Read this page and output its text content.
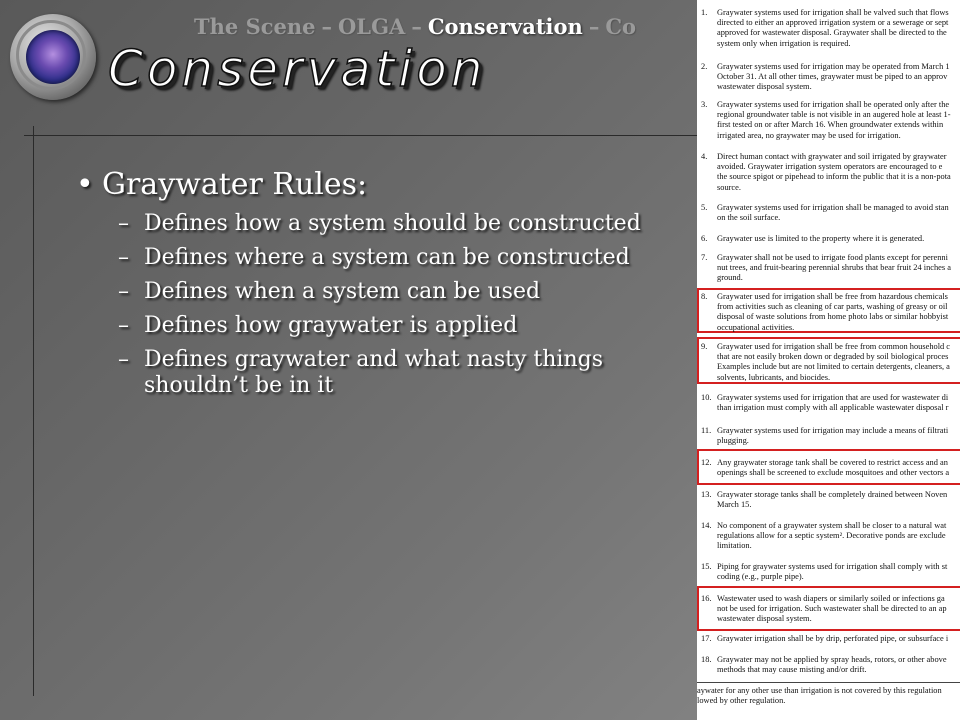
The Scene – OLGA – Conservation – Co
Conservation
• Graywater Rules:
– Defines how a system should be constructed
– Defines where a system can be constructed
– Defines when a system can be used
– Defines how graywater is applied
– Defines graywater and what nasty things shouldn’t be in it
1.	Graywater systems used for irrigation shall be valved such that flows
directed to either an approved irrigation system or a sewerage or sept
approved for wastewater disposal. Graywater shall be directed to the
system only when irrigation is required.
2.	Graywater systems used for irrigation may be operated from March 1
October 31. At all other times, graywater must be piped to an approv
wastewater disposal system.
3.	Graywater systems used for irrigation shall be operated only after the
regional groundwater table is not visible in an augered hole at least 1-
first tested on or after March 16. When groundwater extends within
irrigated area, no graywater may be used for irrigation.
4.	Direct human contact with graywater and soil irrigated by graywater
avoided. Graywater irrigation system operators are encouraged to e
the source spigot or pipehead to inform the public that it is a non-pota
source.
5.	Graywater systems used for irrigation shall be managed to avoid stan
on the soil surface.
6.	Graywater use is limited to the property where it is generated.
7.	Graywater shall not be used to irrigate food plants except for perenni
nut trees, and fruit-bearing perennial shrubs that bear fruit 24 inches a
ground.
8.	Graywater used for irrigation shall be free from hazardous chemicals
from activities such as cleaning of car parts, washing of greasy or oil
disposal of waste solutions from home photo labs or similar hobbyist
occupational activities.
9.	Graywater used for irrigation shall be free from common household c
that are not easily broken down or degraded by soil biological proces
Examples include but are not limited to certain detergents, cleaners, a
solvents, lubricants, and biocides.
10. Graywater systems used for irrigation that are used for wastewater di
than irrigation must comply with all applicable wastewater disposal r
11. Graywater systems used for irrigation may include a means of filtrati
plugging.
12. Any graywater storage tank shall be covered to restrict access and an
openings shall be screened to exclude mosquitoes and other vectors a
13. Graywater storage tanks shall be completely drained between Noven
March 15.
14. No component of a graywater system shall be closer to a natural wat
regulations allow for a septic system². Decorative ponds are exclude
limitation.
15. Piping for graywater systems used for irrigation shall comply with st
coding (e.g., purple pipe).
16. Wastewater used to wash diapers or similarly soiled or infections ga
not be used for irrigation. Such wastewater shall be directed to an ap
wastewater disposal system.
17. Graywater irrigation shall be by drip, perforated pipe, or subsurface i
18. Graywater may not be applied by spray heads, rotors, or other above
methods that may cause misting and/or drift.
aywater for any other use than irrigation is not covered by this regulation
lowed by other regulation.
